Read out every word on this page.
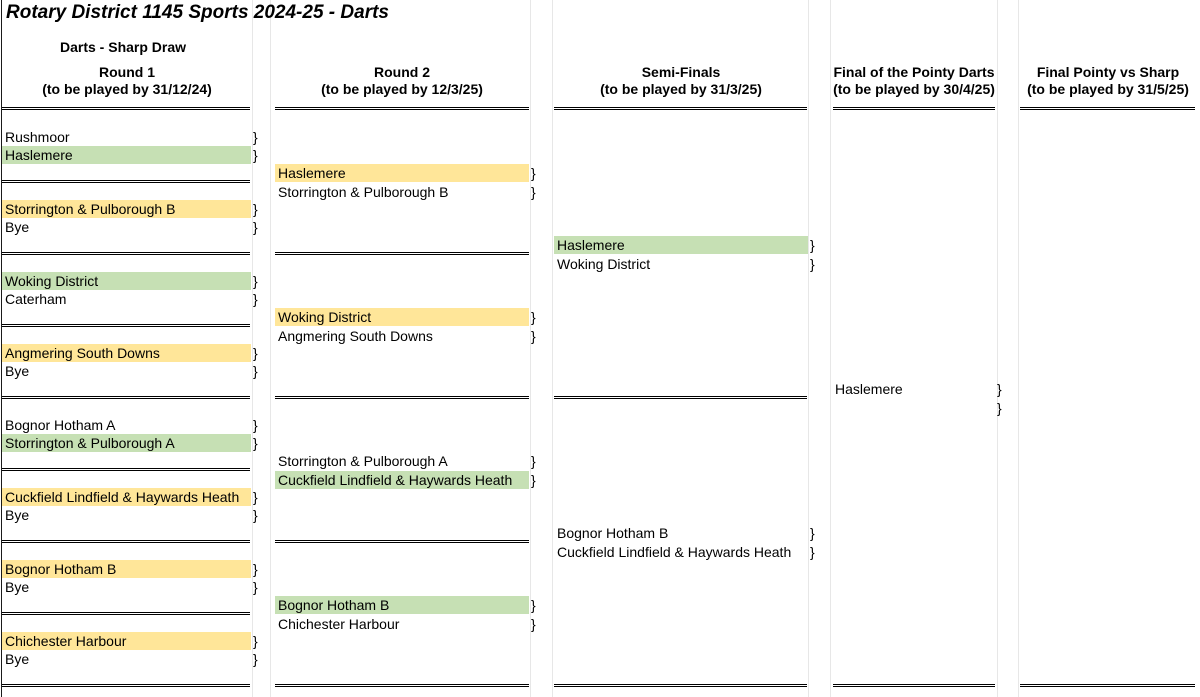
Rotary District 1145 Sports 2024-25 - Darts
Darts - Sharp Draw
Round 1
(to be played by 31/12/24)
Round 2
(to be played by 12/3/25)
Semi-Finals
(to be played by 31/3/25)
Final of the Pointy Darts
(to be played by 30/4/25)
Final Pointy vs Sharp
(to be played by 31/5/25)
Rushmoor	}
Haslemere	}
Storrington & Pulborough B	}
Bye	}
Woking District	}
Caterham	}
Angmering South Downs	}
Bye	}
Bognor Hotham A	}
Storrington & Pulborough A	}
Cuckfield Lindfield & Haywards Heath }
Bye	}
Bognor Hotham B	}
Bye	}
Chichester Harbour	}
Bye	}
Haslemere	}
Storrington & Pulborough B	}
Woking District	}
Angmering South Downs	}
Storrington & Pulborough A	}
Cuckfield Lindfield & Haywards Heath	}
Bognor Hotham B	}
Chichester Harbour	}
Haslemere	}
Woking District	}
Bognor Hotham B	}
Cuckfield Lindfield & Haywards Heath	}
Haslemere	}
}
